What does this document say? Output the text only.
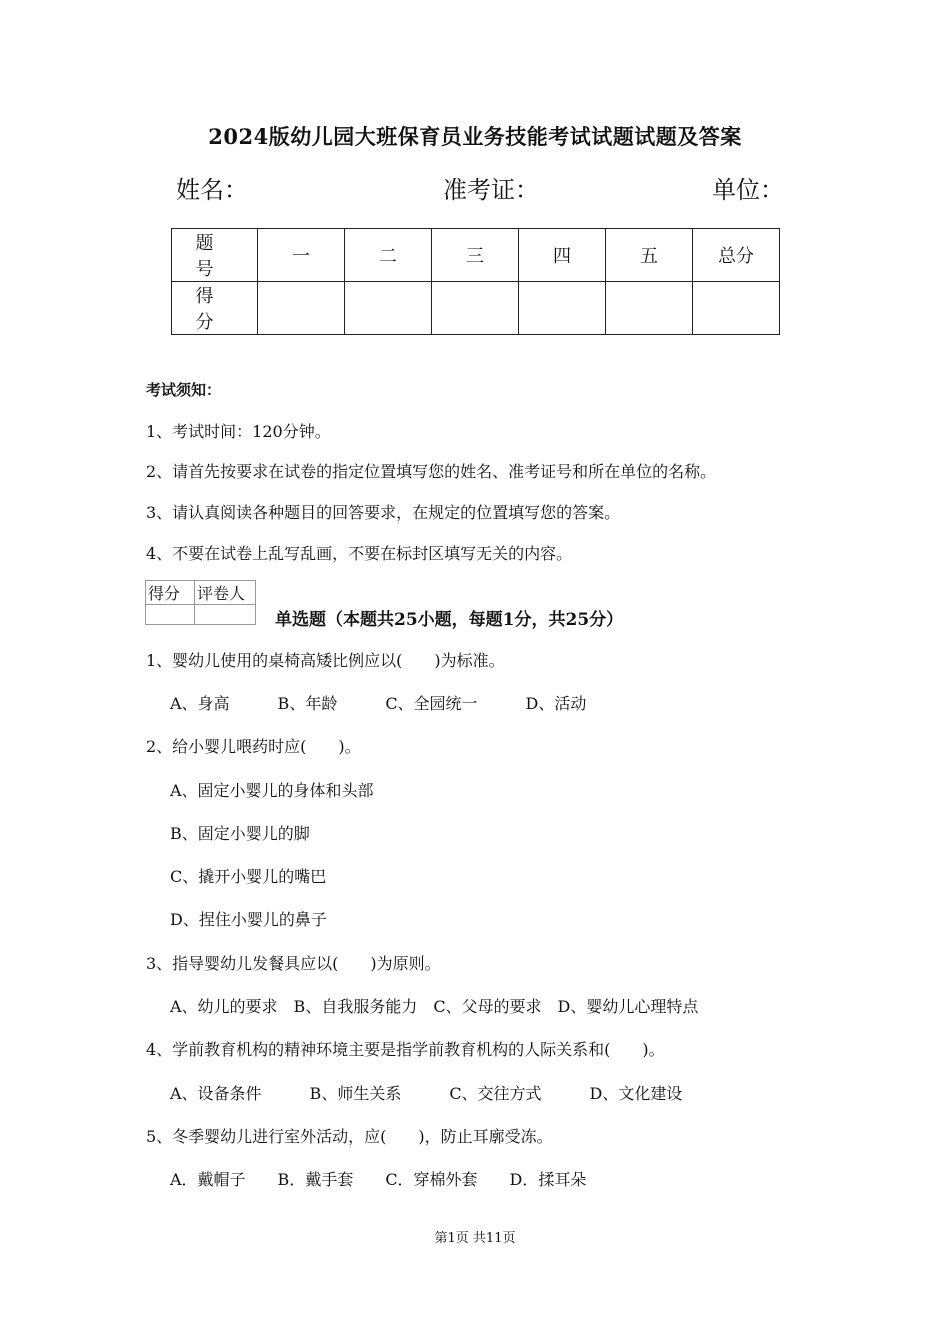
2024版幼儿园大班保育员业务技能考试试题试题及答案
姓名：	准考证：	单位：
题　号	一	二	三	四	五	总分
得　分						
考试须知：
1、考试时间：120分钟。
2、请首先按要求在试卷的指定位置填写您的姓名、准考证号和所在单位的名称。
3、请认真阅读各种题目的回答要求，在规定的位置填写您的答案。
4、不要在试卷上乱写乱画，不要在标封区填写无关的内容。
得分	评卷人

单选题（本题共25小题，每题1分，共25分）
1、婴幼儿使用的桌椅高矮比例应以(　　)为标准。
A、身高　　　B、年龄　　　C、全园统一　　　D、活动
2、给小婴儿喂药时应(　　)。
A、固定小婴儿的身体和头部
B、固定小婴儿的脚
C、撬开小婴儿的嘴巴
D、捏住小婴儿的鼻子
3、指导婴幼儿发餐具应以(　　)为原则。
A、幼儿的要求　B、自我服务能力　C、父母的要求　D、婴幼儿心理特点
4、学前教育机构的精神环境主要是指学前教育机构的人际关系和(　　)。
A、设备条件　　　B、师生关系　　　C、交往方式　　　D、文化建设
5、冬季婴幼儿进行室外活动，应(　　)，防止耳廓受冻。
A．戴帽子　　B．戴手套　　C．穿棉外套　　D．揉耳朵
第1页 共11页
